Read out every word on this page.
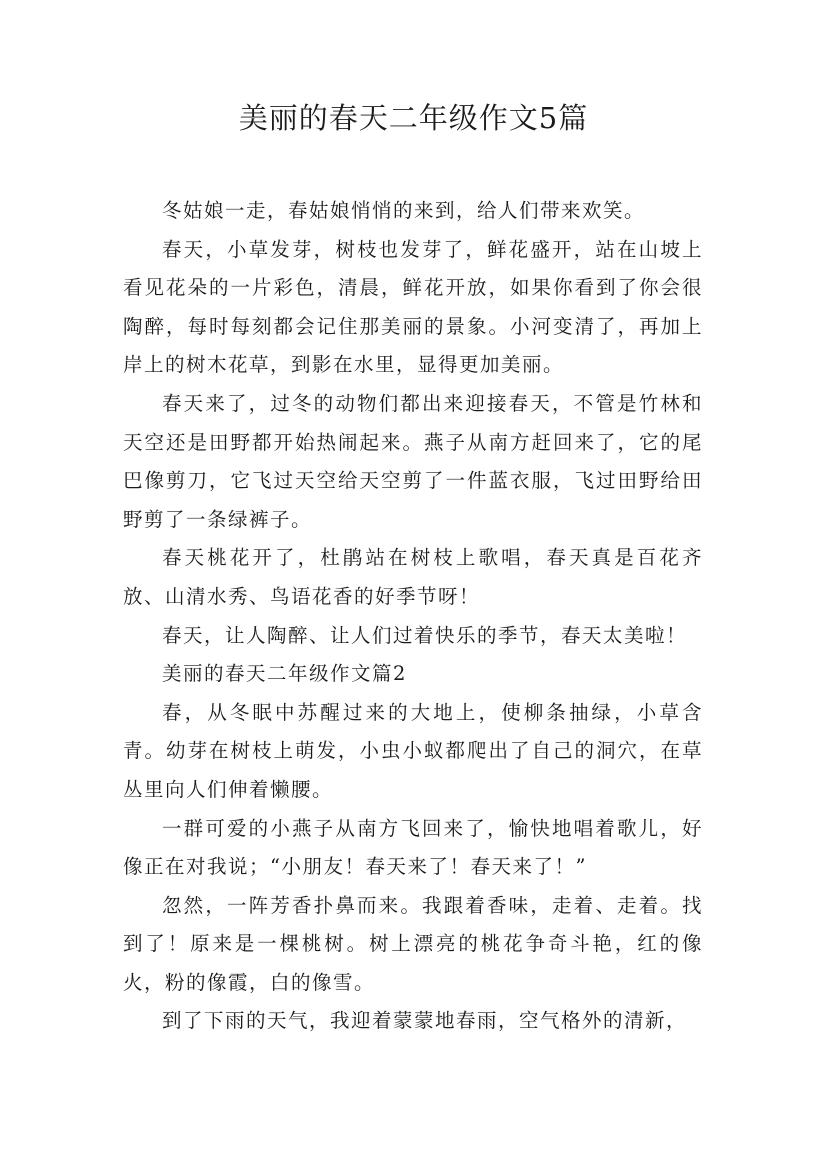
美丽的春天二年级作文5篇

冬姑娘一走，春姑娘悄悄的来到，给人们带来欢笑。

春天，小草发芽，树枝也发芽了，鲜花盛开，站在山坡上看见花朵的一片彩色，清晨，鲜花开放，如果你看到了你会很陶醉，每时每刻都会记住那美丽的景象。小河变清了，再加上岸上的树木花草，到影在水里，显得更加美丽。

春天来了，过冬的动物们都出来迎接春天，不管是竹林和天空还是田野都开始热闹起来。燕子从南方赶回来了，它的尾巴像剪刀，它飞过天空给天空剪了一件蓝衣服，飞过田野给田野剪了一条绿裤子。

春天桃花开了，杜鹃站在树枝上歌唱，春天真是百花齐放、山清水秀、鸟语花香的好季节呀！

春天，让人陶醉、让人们过着快乐的季节，春天太美啦！

美丽的春天二年级作文篇2

春，从冬眠中苏醒过来的大地上，使柳条抽绿，小草含青。幼芽在树枝上萌发，小虫小蚁都爬出了自己的洞穴，在草丛里向人们伸着懒腰。

一群可爱的小燕子从南方飞回来了，愉快地唱着歌儿，好像正在对我说；“小朋友！春天来了！春天来了！”

忽然，一阵芳香扑鼻而来。我跟着香味，走着、走着。找到了！原来是一棵桃树。树上漂亮的桃花争奇斗艳，红的像火，粉的像霞，白的像雪。

到了下雨的天气，我迎着蒙蒙地春雨，空气格外的清新，
